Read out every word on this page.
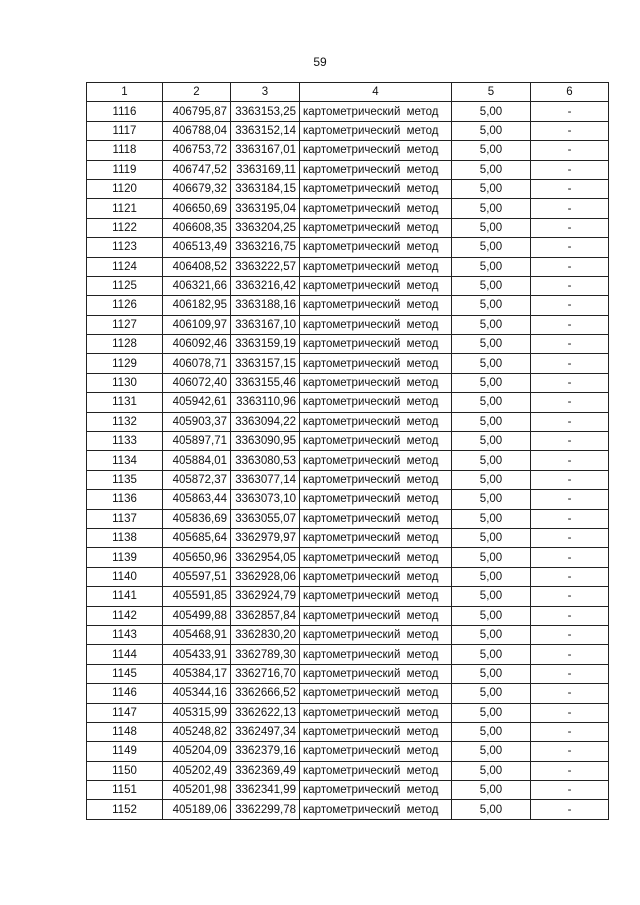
59
1	2	3	4	5	6
1116	406795,87	3363153,25	картометрический метод	5,00	-
1117	406788,04	3363152,14	картометрический метод	5,00	-
1118	406753,72	3363167,01	картометрический метод	5,00	-
1119	406747,52	3363169,11	картометрический метод	5,00	-
1120	406679,32	3363184,15	картометрический метод	5,00	-
1121	406650,69	3363195,04	картометрический метод	5,00	-
1122	406608,35	3363204,25	картометрический метод	5,00	-
1123	406513,49	3363216,75	картометрический метод	5,00	-
1124	406408,52	3363222,57	картометрический метод	5,00	-
1125	406321,66	3363216,42	картометрический метод	5,00	-
1126	406182,95	3363188,16	картометрический метод	5,00	-
1127	406109,97	3363167,10	картометрический метод	5,00	-
1128	406092,46	3363159,19	картометрический метод	5,00	-
1129	406078,71	3363157,15	картометрический метод	5,00	-
1130	406072,40	3363155,46	картометрический метод	5,00	-
1131	405942,61	3363110,96	картометрический метод	5,00	-
1132	405903,37	3363094,22	картометрический метод	5,00	-
1133	405897,71	3363090,95	картометрический метод	5,00	-
1134	405884,01	3363080,53	картометрический метод	5,00	-
1135	405872,37	3363077,14	картометрический метод	5,00	-
1136	405863,44	3363073,10	картометрический метод	5,00	-
1137	405836,69	3363055,07	картометрический метод	5,00	-
1138	405685,64	3362979,97	картометрический метод	5,00	-
1139	405650,96	3362954,05	картометрический метод	5,00	-
1140	405597,51	3362928,06	картометрический метод	5,00	-
1141	405591,85	3362924,79	картометрический метод	5,00	-
1142	405499,88	3362857,84	картометрический метод	5,00	-
1143	405468,91	3362830,20	картометрический метод	5,00	-
1144	405433,91	3362789,30	картометрический метод	5,00	-
1145	405384,17	3362716,70	картометрический метод	5,00	-
1146	405344,16	3362666,52	картометрический метод	5,00	-
1147	405315,99	3362622,13	картометрический метод	5,00	-
1148	405248,82	3362497,34	картометрический метод	5,00	-
1149	405204,09	3362379,16	картометрический метод	5,00	-
1150	405202,49	3362369,49	картометрический метод	5,00	-
1151	405201,98	3362341,99	картометрический метод	5,00	-
1152	405189,06	3362299,78	картометрический метод	5,00	-
